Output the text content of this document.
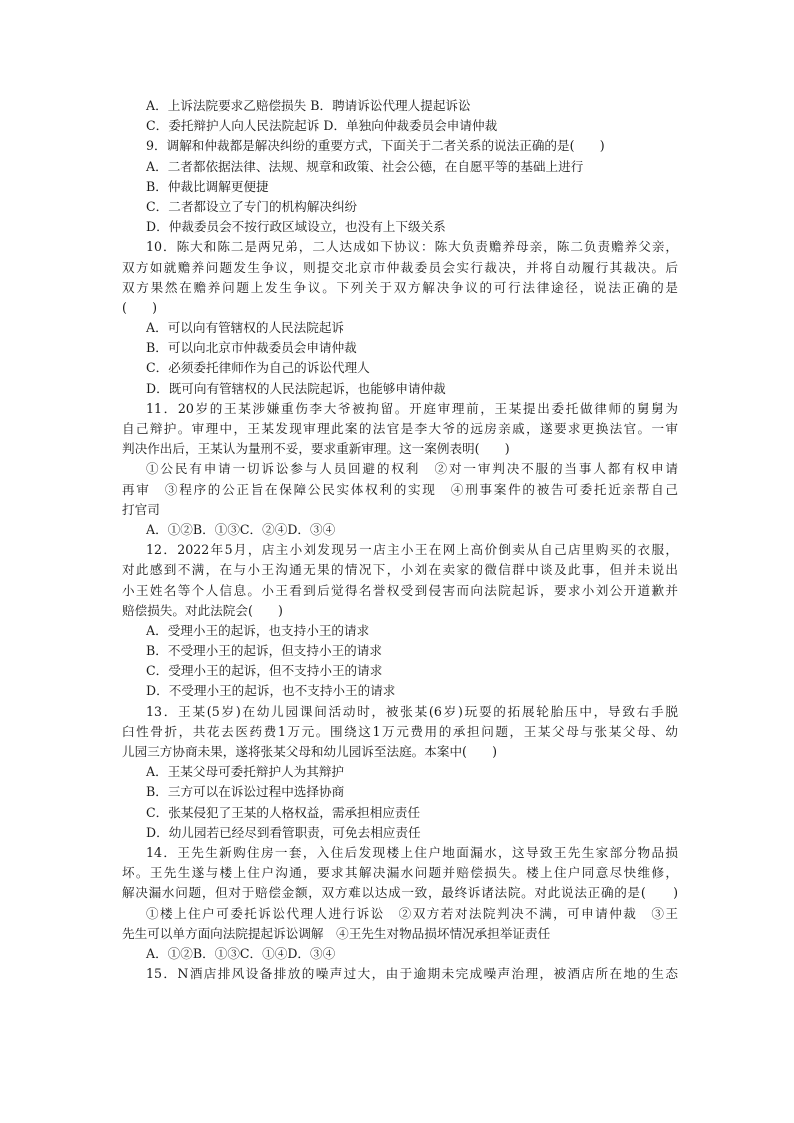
A．上诉法院要求乙赔偿损失 B．聘请诉讼代理人提起诉讼
C．委托辩护人向人民法院起诉 D．单独向仲裁委员会申请仲裁
9．调解和仲裁都是解决纠纷的重要方式，下面关于二者关系的说法正确的是(　　)
A．二者都依据法律、法规、规章和政策、社会公德，在自愿平等的基础上进行
B．仲裁比调解更便捷
C．二者都设立了专门的机构解决纠纷
D．仲裁委员会不按行政区域设立，也没有上下级关系
10．陈大和陈二是两兄弟，二人达成如下协议：陈大负责赡养母亲，陈二负责赡养父亲，
双方如就赡养问题发生争议，则提交北京市仲裁委员会实行裁决，并将自动履行其裁决。后
双方果然在赡养问题上发生争议。下列关于双方解决争议的可行法律途径，说法正确的是
(　　)
A．可以向有管辖权的人民法院起诉
B．可以向北京市仲裁委员会申请仲裁
C．必须委托律师作为自己的诉讼代理人
D．既可向有管辖权的人民法院起诉，也能够申请仲裁
11．20岁的王某涉嫌重伤李大爷被拘留。开庭审理前，王某提出委托做律师的舅舅为
自己辩护。审理中，王某发现审理此案的法官是李大爷的远房亲戚，遂要求更换法官。一审
判决作出后，王某认为量刑不妥，要求重新审理。这一案例表明(　　)
①公民有申请一切诉讼参与人员回避的权利　②对一审判决不服的当事人都有权申请
再审　③程序的公正旨在保障公民实体权利的实现　④刑事案件的被告可委托近亲帮自己
打官司
A．①②B．①③C．②④D．③④
12．2022年5月，店主小刘发现另一店主小王在网上高价倒卖从自己店里购买的衣服，
对此感到不满，在与小王沟通无果的情况下，小刘在卖家的微信群中谈及此事，但并未说出
小王姓名等个人信息。小王看到后觉得名誉权受到侵害而向法院起诉，要求小刘公开道歉并
赔偿损失。对此法院会(　　)
A．受理小王的起诉，也支持小王的请求
B．不受理小王的起诉，但支持小王的请求
C．受理小王的起诉，但不支持小王的请求
D．不受理小王的起诉，也不支持小王的请求
13．王某(5岁)在幼儿园课间活动时，被张某(6岁)玩耍的拓展轮胎压中，导致右手脱
臼性骨折，共花去医药费1万元。围绕这1万元费用的承担问题，王某父母与张某父母、幼
儿园三方协商未果，遂将张某父母和幼儿园诉至法庭。本案中(　　)
A．王某父母可委托辩护人为其辩护
B．三方可以在诉讼过程中选择协商
C．张某侵犯了王某的人格权益，需承担相应责任
D．幼儿园若已经尽到看管职责，可免去相应责任
14．王先生新购住房一套，入住后发现楼上住户地面漏水，这导致王先生家部分物品损
坏。王先生遂与楼上住户沟通，要求其解决漏水问题并赔偿损失。楼上住户同意尽快维修，
解决漏水问题，但对于赔偿金额，双方难以达成一致，最终诉诸法院。对此说法正确的是(　　)
①楼上住户可委托诉讼代理人进行诉讼　②双方若对法院判决不满，可申请仲裁　③王
先生可以单方面向法院提起诉讼调解　④王先生对物品损坏情况承担举证责任
A．①②B．①③C．①④D．③④
15．N酒店排风设备排放的噪声过大，由于逾期未完成噪声治理，被酒店所在地的生态
